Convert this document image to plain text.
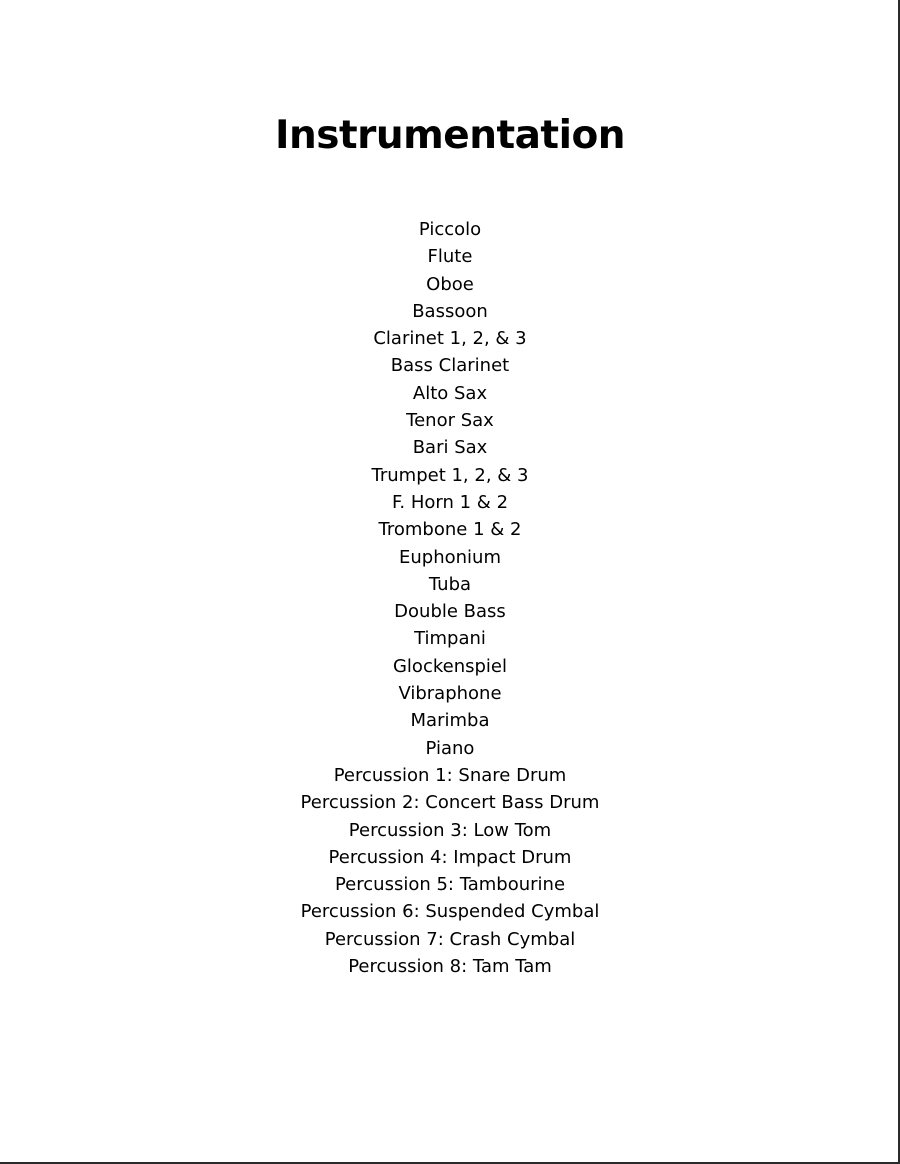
Instrumentation
Piccolo
Flute
Oboe
Bassoon
Clarinet 1, 2, & 3
Bass Clarinet
Alto Sax
Tenor Sax
Bari Sax
Trumpet 1, 2, & 3
F. Horn 1 & 2
Trombone 1 & 2
Euphonium
Tuba
Double Bass
Timpani
Glockenspiel
Vibraphone
Marimba
Piano
Percussion 1: Snare Drum
Percussion 2: Concert Bass Drum
Percussion 3: Low Tom
Percussion 4: Impact Drum
Percussion 5: Tambourine
Percussion 6: Suspended Cymbal
Percussion 7: Crash Cymbal
Percussion 8: Tam Tam
